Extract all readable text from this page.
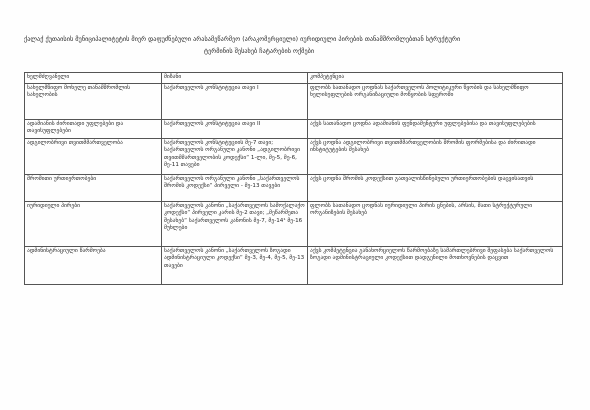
ქალაქ ქუთაისის მუნიციპალიტეტის მიერ დაფუძნებული არასამეწარმეო (არაკომერციული) იურიდიული პირების თანამშრომლებთან სტრუქტური
ტერმინის შესახებ ჩატარების ოქმები
ხელმძღვანელი	მიზანი	კომპეტენცია
სახელმწიფო მოხელე თანამშრომლის სახელობის	საქართველოს კონსტიტუცია თავი I	ფლობს სათანადო ცოდნას საქართველოს პოლიტიკური წყობის და სახელმწიფო ხელისუფლების ორგანიზაციული მოწყობის სფეროში
ადამიანის ძირითადი უფლებები და თავისუფლებები	საქართველოს კონსტიტუცია თავი II	აქვს სათანადო ცოდნა ადამიანის ფუნდამენტური უფლებებისა და თავისუფლებების
ადგილობრივი თვითმმართველობა	საქართველოს კონსტიტუციის მე-7 თავი; საქართველოს ორგანული კანონი „ადგილობრივი თვითმმართველობის კოდექსი“ 1-ლი, მე-5, მე-6, მე-11 თავები	აქვს ცოდნა ადგილობრივი თვითმმართველობის შრომის ფორმებისა და ძირითადი ინსტიტუტების შესახებ
შრომითი ურთიერთობები	საქართველოს ორგანული კანონი „საქართველოს შრომის კოდექსი“ პირველი - მე-13 თავები	აქვს ცოდნა შრომის კოდექსით გათვალისწინებული ურთიერთობების დაცვისათვის
იურიდიული პირები	საქართველოს კანონი „საქართველოს სამოქალაქო კოდექსი“ პირველი კარის მე-2 თავი; „მეწარმეთა შესახებ“ საქართველოს კანონის მე-7, მე-14¹ მე-16 მუხლები	ფლობს სათანადო ცოდნას იურიდიული პირის ცნების, არსის, მათი სტრუქტურული ორგანიზების შესახებ
ადმინისტრაციული წარმოება	საქართველოს კანონი „საქართველოს ზოგადი ადმინისტრაციული კოდექსი“ მე-3, მე-4, მე-5, მე-13 თავები	აქვს კომპეტენცია განახორციელოს წარმოებაზე სამართლებრივი შეფასება საქართველოს ზოგადი ადმინისტრაციული კოდექსით დადგენილი მოთხოვნების დაცვით
